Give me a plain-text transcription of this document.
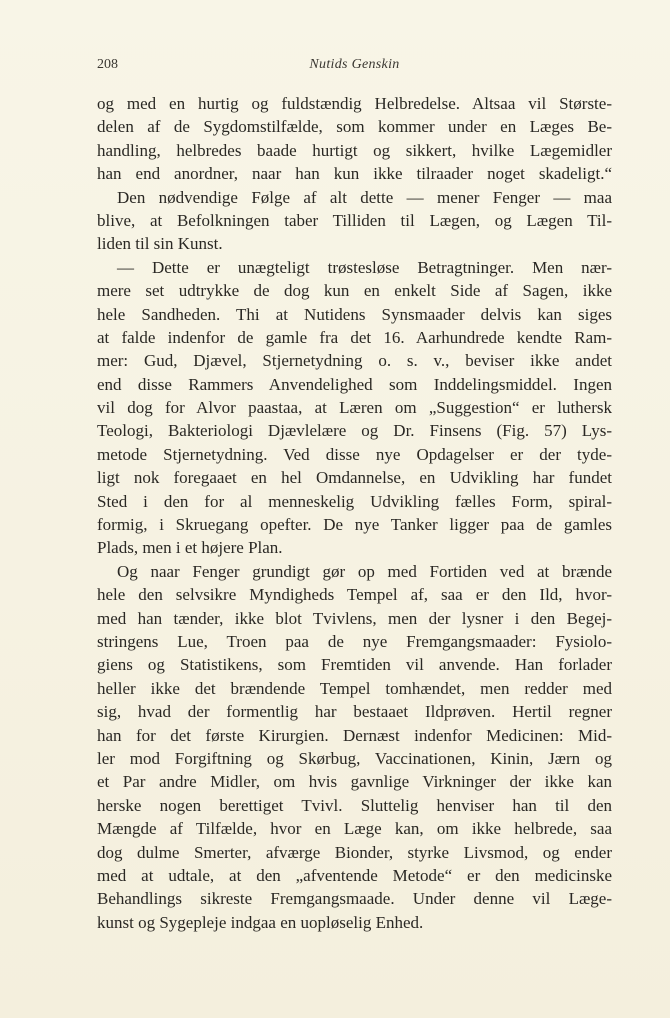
208	Nutids Genskin
og med en hurtig og fuldstændig Helbredelse. Altsaa vil Største-
delen af de Sygdomstilfælde, som kommer under en Læges Be-
handling, helbredes baade hurtigt og sikkert, hvilke Lægemidler
han end anordner, naar han kun ikke tilraader noget skadeligt.“
Den nødvendige Følge af alt dette — mener Fenger — maa
blive, at Befolkningen taber Tilliden til Lægen, og Lægen Til-
liden til sin Kunst.
— Dette er unægteligt trøstesløse Betragtninger. Men nær-
mere set udtrykke de dog kun en enkelt Side af Sagen, ikke
hele Sandheden. Thi at Nutidens Synsmaader delvis kan siges
at falde indenfor de gamle fra det 16. Aarhundrede kendte Ram-
mer: Gud, Djævel, Stjernetydning o. s. v., beviser ikke andet
end disse Rammers Anvendelighed som Inddelingsmiddel. Ingen
vil dog for Alvor paastaa, at Læren om „Suggestion“ er luthersk
Teologi, Bakteriologi Djævlelære og Dr. Finsens (Fig. 57) Lys-
metode Stjernetydning. Ved disse nye Opdagelser er der tyde-
ligt nok foregaaet en hel Omdannelse, en Udvikling har fundet
Sted i den for al menneskelig Udvikling fælles Form, spiral-
formig, i Skruegang opefter. De nye Tanker ligger paa de gamles
Plads, men i et højere Plan.
Og naar Fenger grundigt gør op med Fortiden ved at brænde
hele den selvsikre Myndigheds Tempel af, saa er den Ild, hvor-
med han tænder, ikke blot Tvivlens, men der lysner i den Begej-
stringens Lue, Troen paa de nye Fremgangsmaader: Fysiolo-
giens og Statistikens, som Fremtiden vil anvende. Han forlader
heller ikke det brændende Tempel tomhændet, men redder med
sig, hvad der formentlig har bestaaet Ildprøven. Hertil regner
han for det første Kirurgien. Dernæst indenfor Medicinen: Mid-
ler mod Forgiftning og Skørbug, Vaccinationen, Kinin, Jærn og
et Par andre Midler, om hvis gavnlige Virkninger der ikke kan
herske nogen berettiget Tvivl. Sluttelig henviser han til den
Mængde af Tilfælde, hvor en Læge kan, om ikke helbrede, saa
dog dulme Smerter, afværge Bionder, styrke Livsmod, og ender
med at udtale, at den „afventende Metode“ er den medicinske
Behandlings sikreste Fremgangsmaade. Under denne vil Læge-
kunst og Sygepleje indgaa en uopløselig Enhed.
